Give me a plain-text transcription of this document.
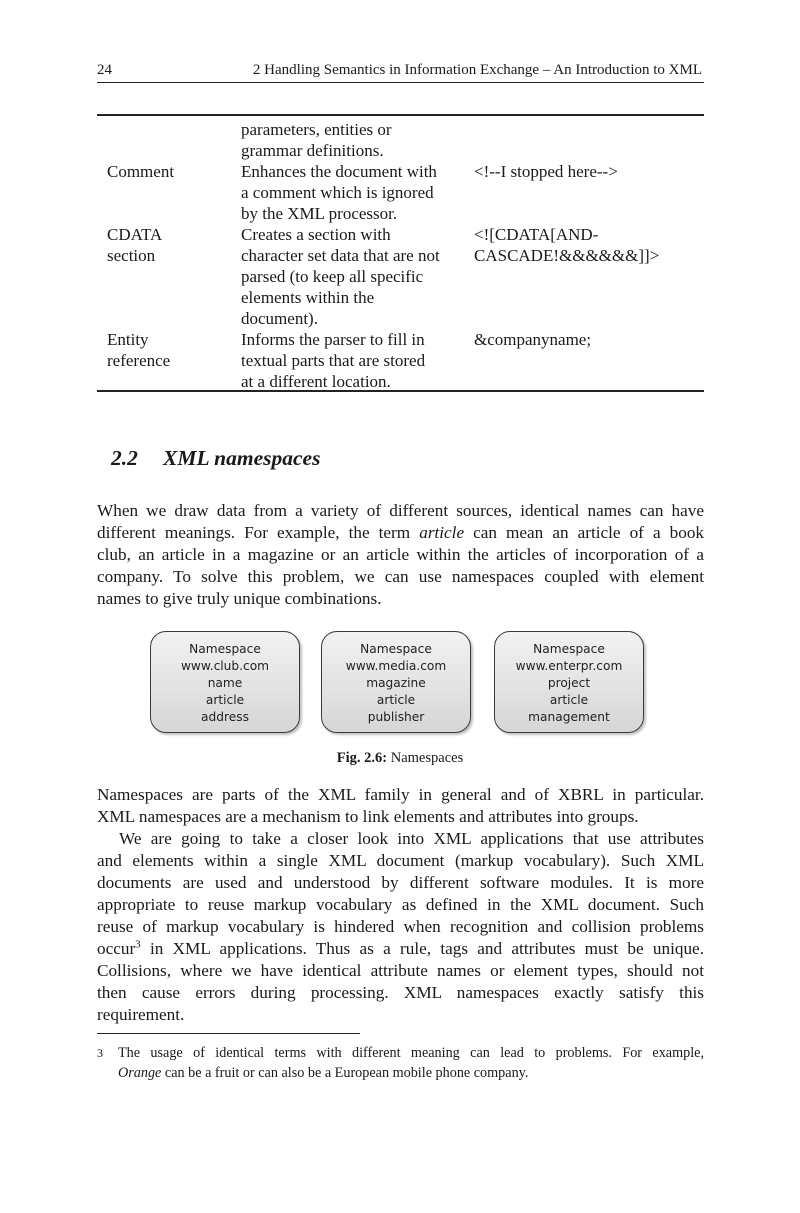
24	2 Handling Semantics in Information Exchange – An Introduction to XML
parameters, entities or
grammar definitions.
Comment	Enhances the document with
a comment which is ignored
by the XML processor.
<!--I stopped here-->
CDATA
section
Creates a section with
character set data that are not
parsed (to keep all specific
elements within the
document).
<![CDATA[AND-
CASCADE!&&&&&&]]>
Entity
reference
Informs the parser to fill in
textual parts that are stored
at a different location.
&companyname;
2.2 XML namespaces
When we draw data from a variety of different sources, identical names can have
different meanings. For example, the term article can mean an article of a book
club, an article in a magazine or an article within the articles of incorporation of a
company. To solve this problem, we can use namespaces coupled with element
names to give truly unique combinations.
Namespace
www.club.com
name
article
address
Namespace
www.media.com
magazine
article
publisher
Namespace
www.enterpr.com
project
article
management
Fig. 2.6: Namespaces
Namespaces are parts of the XML family in general and of XBRL in particular.
XML namespaces are a mechanism to link elements and attributes into groups.
We are going to take a closer look into XML applications that use attributes
and elements within a single XML document (markup vocabulary). Such XML
documents are used and understood by different software modules. It is more
appropriate to reuse markup vocabulary as defined in the XML document. Such
reuse of markup vocabulary is hindered when recognition and collision problems
occur$^3$ in XML applications. Thus as a rule, tags and attributes must be unique.
Collisions, where we have identical attribute names or element types, should not
then cause errors during processing. XML namespaces exactly satisfy this
requirement.
3 The usage of identical terms with different meaning can lead to problems. For example,
Orange can be a fruit or can also be a European mobile phone company.
